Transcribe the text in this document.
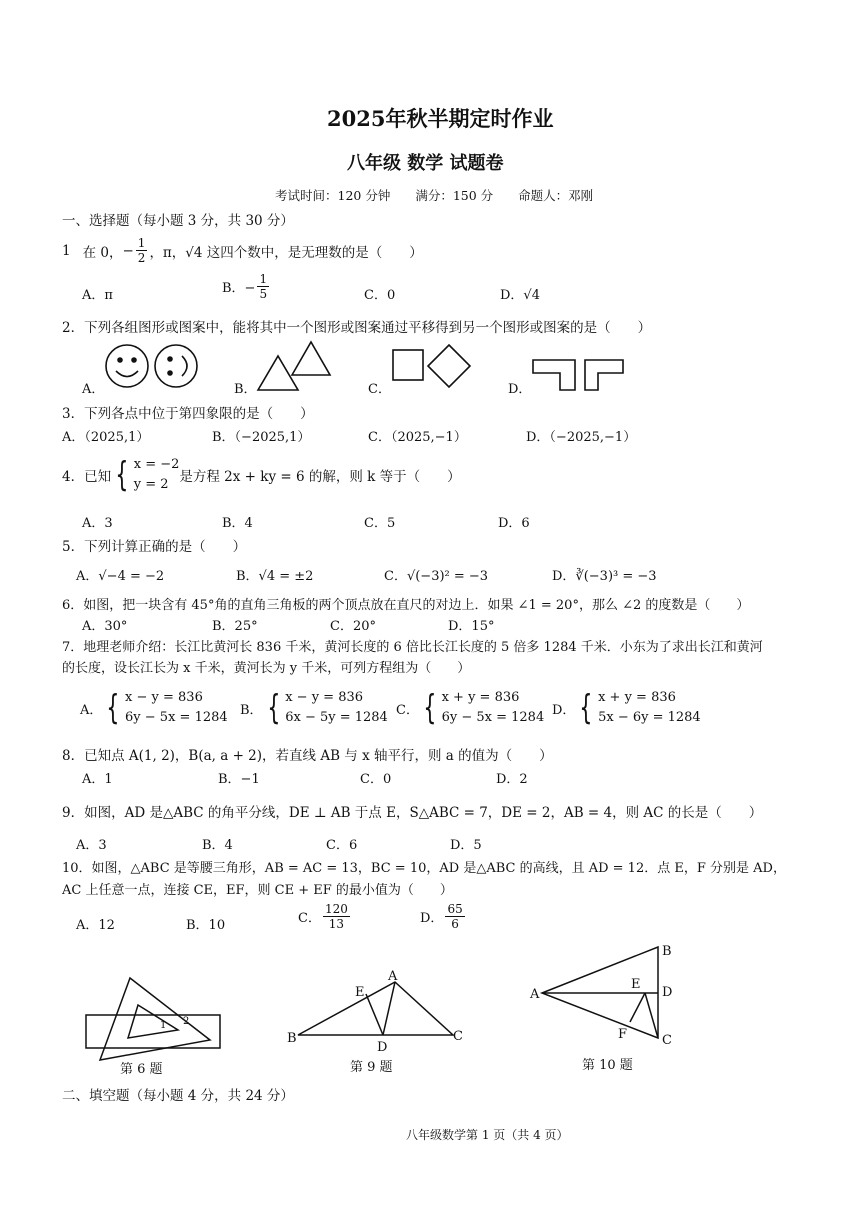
2025年秋半期定时作业
八年级 数学 试题卷
考试时间：120 分钟　　满分：150 分　　命题人：邓刚
一、选择题（每小题 3 分，共 30 分）
1 在 0， − $\frac{1}{2}$ ，π，√4 这四个数中，是无理数的是（　　）
A．π	B．− $\frac{1}{5}$	C．0	D．√4
2．下列各组图形或图案中，能将其中一个图形或图案通过平移得到另一个图形或图案的是（　　）
A．	B．	C．	D．
3．下列各点中位于第四象限的是（　　）
A．（2025,1）	B．（−2025,1）	C．（2025,−1）	D．（−2025,−1）
4．已知 { x = −2
y = 2 是方程 2x + ky = 6 的解，则 k 等于（　　）
A．3	B．4	C．5	D．6
5．下列计算正确的是（　　）
A．√−4 = −2	B．√4 = ±2	C．√(−3)² = −3	D．∛(−3)³ = −3
6．如图，把一块含有 45°角的直角三角板的两个顶点放在直尺的对边上．如果 ∠1 = 20°，那么 ∠2 的度数是（　　）
A．30°	B．25°	C．20°	D．15°
7．地理老师介绍：长江比黄河长 836 千米，黄河长度的 6 倍比长江长度的 5 倍多 1284 千米．小东为了求出长江和黄河
的长度，设长江长为 x 千米，黄河长为 y 千米，可列方程组为（　　）
A． { x − y = 836
6y − 5x = 1284 B． { x − y = 836
6x − 5y = 1284 C． { x + y = 836
6y − 5x = 1284 D． { x + y = 836
5x − 6y = 1284
8．已知点 A(1, 2)，B(a, a + 2)，若直线 AB 与 x 轴平行，则 a 的值为（　　）
A．1	B．−1	C．0	D．2
9．如图，AD 是△ABC 的角平分线，DE ⊥ AB 于点 E，S△ABC = 7，DE = 2，AB = 4，则 AC 的长是（　　）
A．3	B．4	C．6	D．5
10．如图，△ABC 是等腰三角形，AB = AC = 13，BC = 10，AD 是△ABC 的高线，且 AD = 12．点 E，F 分别是 AD，
AC 上任意一点，连接 CE，EF，则 CE + EF 的最小值为（　　）
A．12	B．10	C． $\frac{120}{13}$	D． $\frac{65}{6}$
1 2
A
B	C
D
E	A
B
C
D
E
F
第 6 题	第 9 题	第 10 题
二、填空题（每小题 4 分，共 24 分）
八年级数学第 1 页（共 4 页）
